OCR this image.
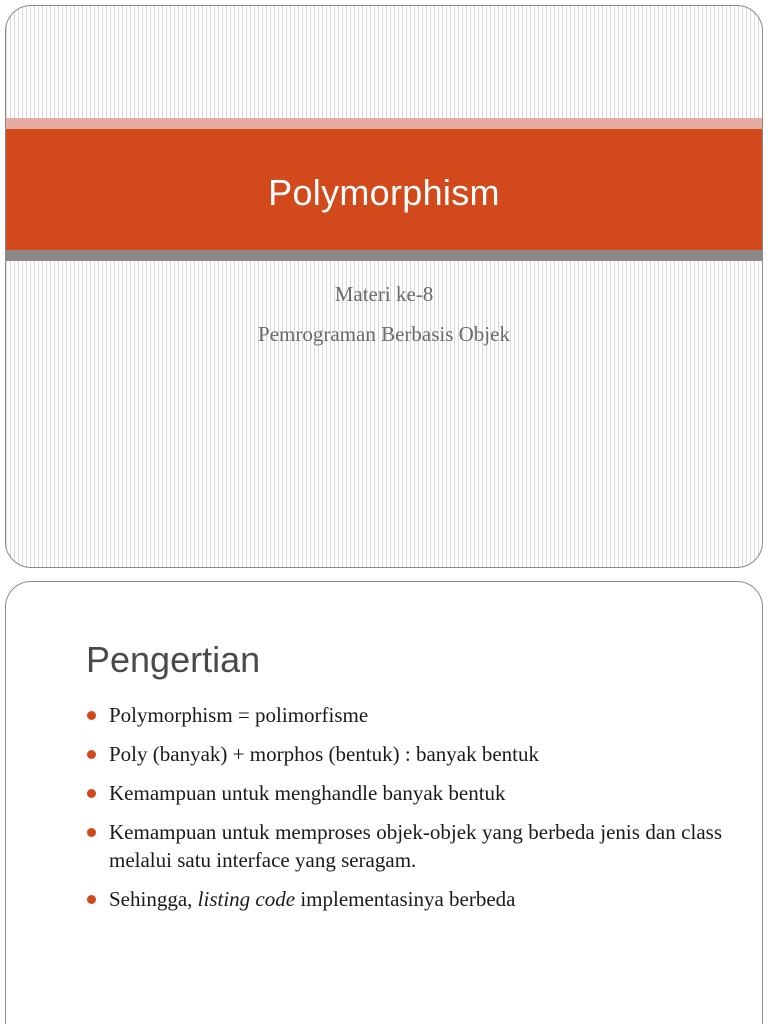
Polymorphism
Materi ke-8
Pemrograman Berbasis Objek
Pengertian
Polymorphism = polimorfisme
Poly (banyak) + morphos (bentuk) : banyak bentuk
Kemampuan untuk menghandle banyak bentuk
Kemampuan untuk memproses objek-objek yang berbeda jenis dan class melalui satu interface yang seragam.
Sehingga, listing code implementasinya berbeda
